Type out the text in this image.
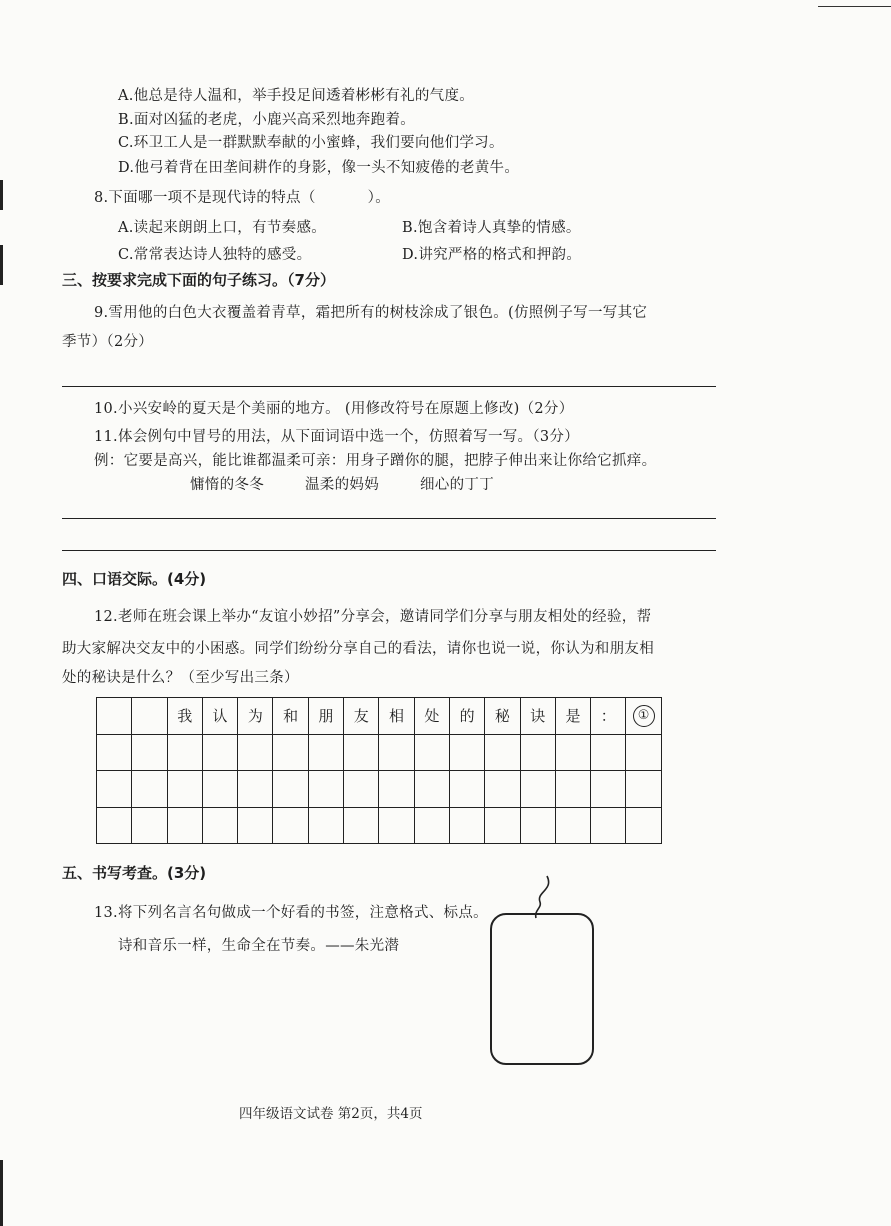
A.他总是待人温和，举手投足间透着彬彬有礼的气度。
B.面对凶猛的老虎，小鹿兴高采烈地奔跑着。
C.环卫工人是一群默默奉献的小蜜蜂，我们要向他们学习。
D.他弓着背在田垄间耕作的身影，像一头不知疲倦的老黄牛。
8.下面哪一项不是现代诗的特点（	）。
A.读起来朗朗上口，有节奏感。	B.饱含着诗人真挚的情感。
C.常常表达诗人独特的感受。	D.讲究严格的格式和押韵。
三、按要求完成下面的句子练习。（7分）
9.雪用他的白色大衣覆盖着青草，霜把所有的树枝涂成了银色。(仿照例子写一写其它
季节）（2分）
10.小兴安岭的夏天是个美丽的地方。 (用修改符号在原题上修改)（2分）
11.体会例句中冒号的用法，从下面词语中选一个，仿照着写一写。（3分）
例：它要是高兴，能比谁都温柔可亲：用身子蹭你的腿，把脖子伸出来让你给它抓痒。
慵惰的冬冬	温柔的妈妈	细心的丁丁
四、口语交际。(4分)
12.老师在班会课上举办“友谊小妙招”分享会，邀请同学们分享与朋友相处的经验，帮
助大家解决交友中的小困惑。同学们纷纷分享自己的看法，请你也说一说，你认为和朋友相
处的秘诀是什么？（至少写出三条）
		我	认	为	和	朋	友	相	处	的	秘	诀	是	：	①

五、书写考查。(3分)
13.将下列名言名句做成一个好看的书签，注意格式、标点。
诗和音乐一样，生命全在节奏。——朱光潜
四年级语文试卷 第2页，共4页
